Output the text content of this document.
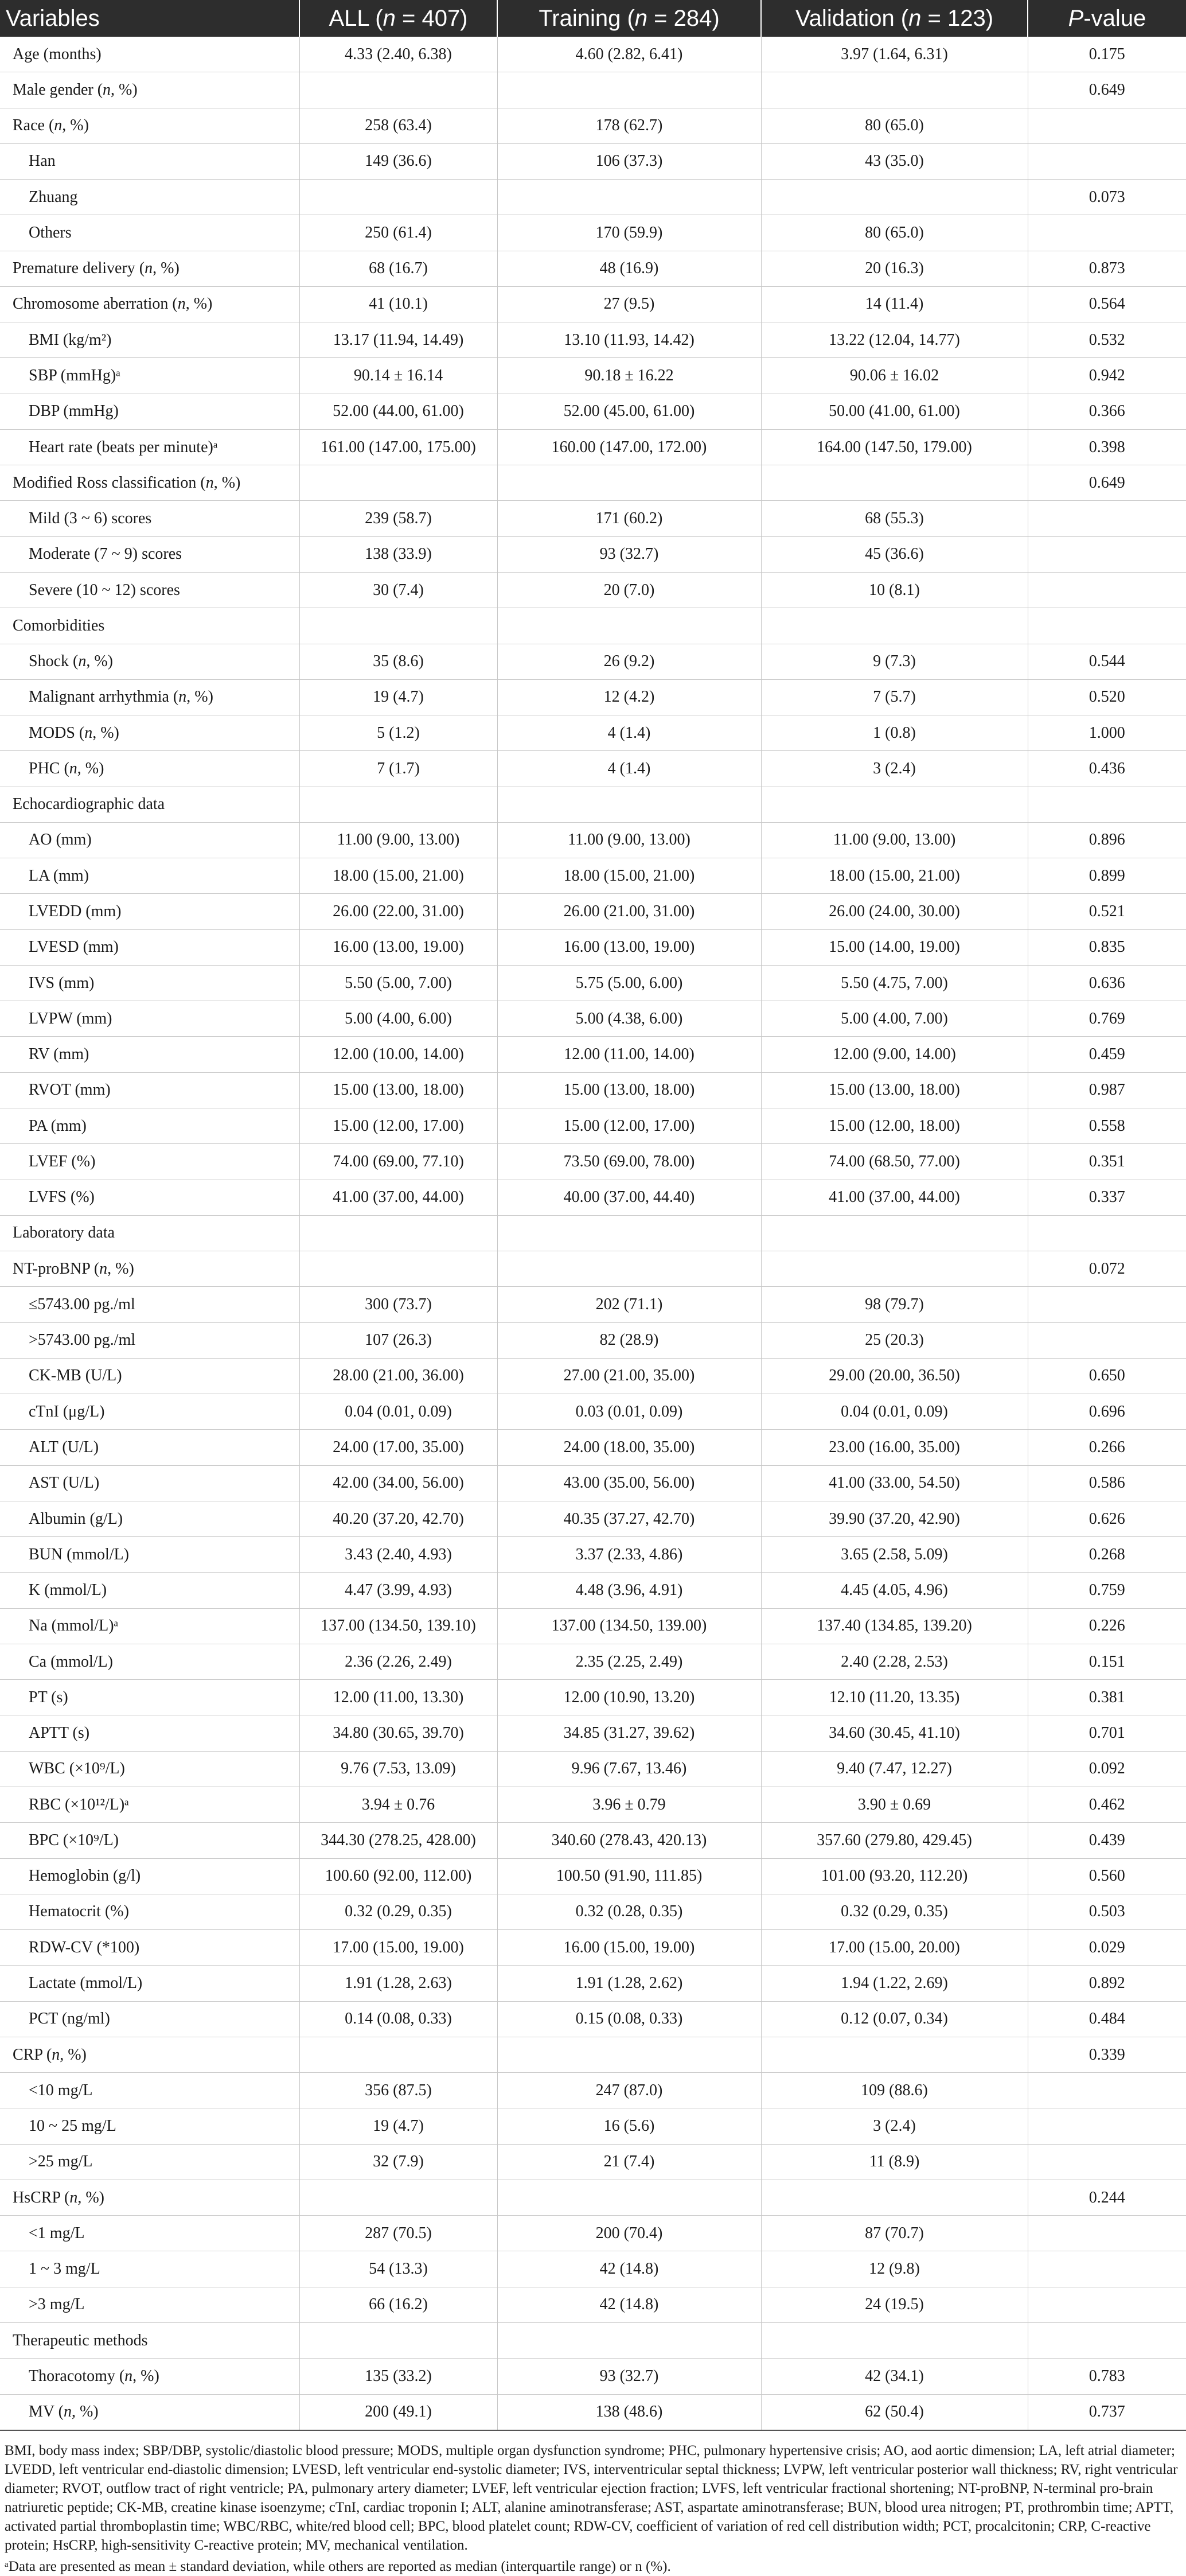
Variables	ALL (n = 407)	Training (n = 284)	Validation (n = 123)	P-value
Age (months)	4.33 (2.40, 6.38)	4.60 (2.82, 6.41)	3.97 (1.64, 6.31)	0.175
Male gender (n, %)				0.649
Race (n, %)	258 (63.4)	178 (62.7)	80 (65.0)	
Han	149 (36.6)	106 (37.3)	43 (35.0)	
Zhuang				0.073
Others	250 (61.4)	170 (59.9)	80 (65.0)	
Premature delivery (n, %)	68 (16.7)	48 (16.9)	20 (16.3)	0.873
Chromosome aberration (n, %)	41 (10.1)	27 (9.5)	14 (11.4)	0.564
BMI (kg/m²)	13.17 (11.94, 14.49)	13.10 (11.93, 14.42)	13.22 (12.04, 14.77)	0.532
SBP (mmHg)ᵃ	90.14 ± 16.14	90.18 ± 16.22	90.06 ± 16.02	0.942
DBP (mmHg)	52.00 (44.00, 61.00)	52.00 (45.00, 61.00)	50.00 (41.00, 61.00)	0.366
Heart rate (beats per minute)ᵃ	161.00 (147.00, 175.00)	160.00 (147.00, 172.00)	164.00 (147.50, 179.00)	0.398
Modified Ross classification (n, %)				0.649
Mild (3 ~ 6) scores	239 (58.7)	171 (60.2)	68 (55.3)	
Moderate (7 ~ 9) scores	138 (33.9)	93 (32.7)	45 (36.6)	
Severe (10 ~ 12) scores	30 (7.4)	20 (7.0)	10 (8.1)	
Comorbidities				
Shock (n, %)	35 (8.6)	26 (9.2)	9 (7.3)	0.544
Malignant arrhythmia (n, %)	19 (4.7)	12 (4.2)	7 (5.7)	0.520
MODS (n, %)	5 (1.2)	4 (1.4)	1 (0.8)	1.000
PHC (n, %)	7 (1.7)	4 (1.4)	3 (2.4)	0.436
Echocardiographic data				
AO (mm)	11.00 (9.00, 13.00)	11.00 (9.00, 13.00)	11.00 (9.00, 13.00)	0.896
LA (mm)	18.00 (15.00, 21.00)	18.00 (15.00, 21.00)	18.00 (15.00, 21.00)	0.899
LVEDD (mm)	26.00 (22.00, 31.00)	26.00 (21.00, 31.00)	26.00 (24.00, 30.00)	0.521
LVESD (mm)	16.00 (13.00, 19.00)	16.00 (13.00, 19.00)	15.00 (14.00, 19.00)	0.835
IVS (mm)	5.50 (5.00, 7.00)	5.75 (5.00, 6.00)	5.50 (4.75, 7.00)	0.636
LVPW (mm)	5.00 (4.00, 6.00)	5.00 (4.38, 6.00)	5.00 (4.00, 7.00)	0.769
RV (mm)	12.00 (10.00, 14.00)	12.00 (11.00, 14.00)	12.00 (9.00, 14.00)	0.459
RVOT (mm)	15.00 (13.00, 18.00)	15.00 (13.00, 18.00)	15.00 (13.00, 18.00)	0.987
PA (mm)	15.00 (12.00, 17.00)	15.00 (12.00, 17.00)	15.00 (12.00, 18.00)	0.558
LVEF (%)	74.00 (69.00, 77.10)	73.50 (69.00, 78.00)	74.00 (68.50, 77.00)	0.351
LVFS (%)	41.00 (37.00, 44.00)	40.00 (37.00, 44.40)	41.00 (37.00, 44.00)	0.337
Laboratory data				
NT-proBNP (n, %)				0.072
≤5743.00 pg./ml	300 (73.7)	202 (71.1)	98 (79.7)	
>5743.00 pg./ml	107 (26.3)	82 (28.9)	25 (20.3)	
CK-MB (U/L)	28.00 (21.00, 36.00)	27.00 (21.00, 35.00)	29.00 (20.00, 36.50)	0.650
cTnI (μg/L)	0.04 (0.01, 0.09)	0.03 (0.01, 0.09)	0.04 (0.01, 0.09)	0.696
ALT (U/L)	24.00 (17.00, 35.00)	24.00 (18.00, 35.00)	23.00 (16.00, 35.00)	0.266
AST (U/L)	42.00 (34.00, 56.00)	43.00 (35.00, 56.00)	41.00 (33.00, 54.50)	0.586
Albumin (g/L)	40.20 (37.20, 42.70)	40.35 (37.27, 42.70)	39.90 (37.20, 42.90)	0.626
BUN (mmol/L)	3.43 (2.40, 4.93)	3.37 (2.33, 4.86)	3.65 (2.58, 5.09)	0.268
K (mmol/L)	4.47 (3.99, 4.93)	4.48 (3.96, 4.91)	4.45 (4.05, 4.96)	0.759
Na (mmol/L)ᵃ	137.00 (134.50, 139.10)	137.00 (134.50, 139.00)	137.40 (134.85, 139.20)	0.226
Ca (mmol/L)	2.36 (2.26, 2.49)	2.35 (2.25, 2.49)	2.40 (2.28, 2.53)	0.151
PT (s)	12.00 (11.00, 13.30)	12.00 (10.90, 13.20)	12.10 (11.20, 13.35)	0.381
APTT (s)	34.80 (30.65, 39.70)	34.85 (31.27, 39.62)	34.60 (30.45, 41.10)	0.701
WBC (×10⁹/L)	9.76 (7.53, 13.09)	9.96 (7.67, 13.46)	9.40 (7.47, 12.27)	0.092
RBC (×10¹²/L)ᵃ	3.94 ± 0.76	3.96 ± 0.79	3.90 ± 0.69	0.462
BPC (×10⁹/L)	344.30 (278.25, 428.00)	340.60 (278.43, 420.13)	357.60 (279.80, 429.45)	0.439
Hemoglobin (g/l)	100.60 (92.00, 112.00)	100.50 (91.90, 111.85)	101.00 (93.20, 112.20)	0.560
Hematocrit (%)	0.32 (0.29, 0.35)	0.32 (0.28, 0.35)	0.32 (0.29, 0.35)	0.503
RDW-CV (*100)	17.00 (15.00, 19.00)	16.00 (15.00, 19.00)	17.00 (15.00, 20.00)	0.029
Lactate (mmol/L)	1.91 (1.28, 2.63)	1.91 (1.28, 2.62)	1.94 (1.22, 2.69)	0.892
PCT (ng/ml)	0.14 (0.08, 0.33)	0.15 (0.08, 0.33)	0.12 (0.07, 0.34)	0.484
CRP (n, %)				0.339
<10 mg/L	356 (87.5)	247 (87.0)	109 (88.6)	
10 ~ 25 mg/L	19 (4.7)	16 (5.6)	3 (2.4)	
>25 mg/L	32 (7.9)	21 (7.4)	11 (8.9)	
HsCRP (n, %)				0.244
<1 mg/L	287 (70.5)	200 (70.4)	87 (70.7)	
1 ~ 3 mg/L	54 (13.3)	42 (14.8)	12 (9.8)	
>3 mg/L	66 (16.2)	42 (14.8)	24 (19.5)	
Therapeutic methods				
Thoracotomy (n, %)	135 (33.2)	93 (32.7)	42 (34.1)	0.783
MV (n, %)	200 (49.1)	138 (48.6)	62 (50.4)	0.737
BMI, body mass index; SBP/DBP, systolic/diastolic blood pressure; MODS, multiple organ dysfunction syndrome; PHC, pulmonary hypertensive crisis; AO, aod aortic dimension; LA, left atrial diameter; LVEDD, left ventricular end-diastolic dimension; LVESD, left ventricular end-systolic diameter; IVS, interventricular septal thickness; LVPW, left ventricular posterior wall thickness; RV, right ventricular diameter; RVOT, outflow tract of right ventricle; PA, pulmonary artery diameter; LVEF, left ventricular ejection fraction; LVFS, left ventricular fractional shortening; NT-proBNP, N-terminal pro-brain natriuretic peptide; CK-MB, creatine kinase isoenzyme; cTnI, cardiac troponin I; ALT, alanine aminotransferase; AST, aspartate aminotransferase; BUN, blood urea nitrogen; PT, prothrombin time; APTT, activated partial thromboplastin time; WBC/RBC, white/red blood cell; BPC, blood platelet count; RDW-CV, coefficient of variation of red cell distribution width; PCT, procalcitonin; CRP, C-reactive protein; HsCRP, high-sensitivity C-reactive protein; MV, mechanical ventilation.
ᵃData are presented as mean ± standard deviation, while others are reported as median (interquartile range) or n (%).
